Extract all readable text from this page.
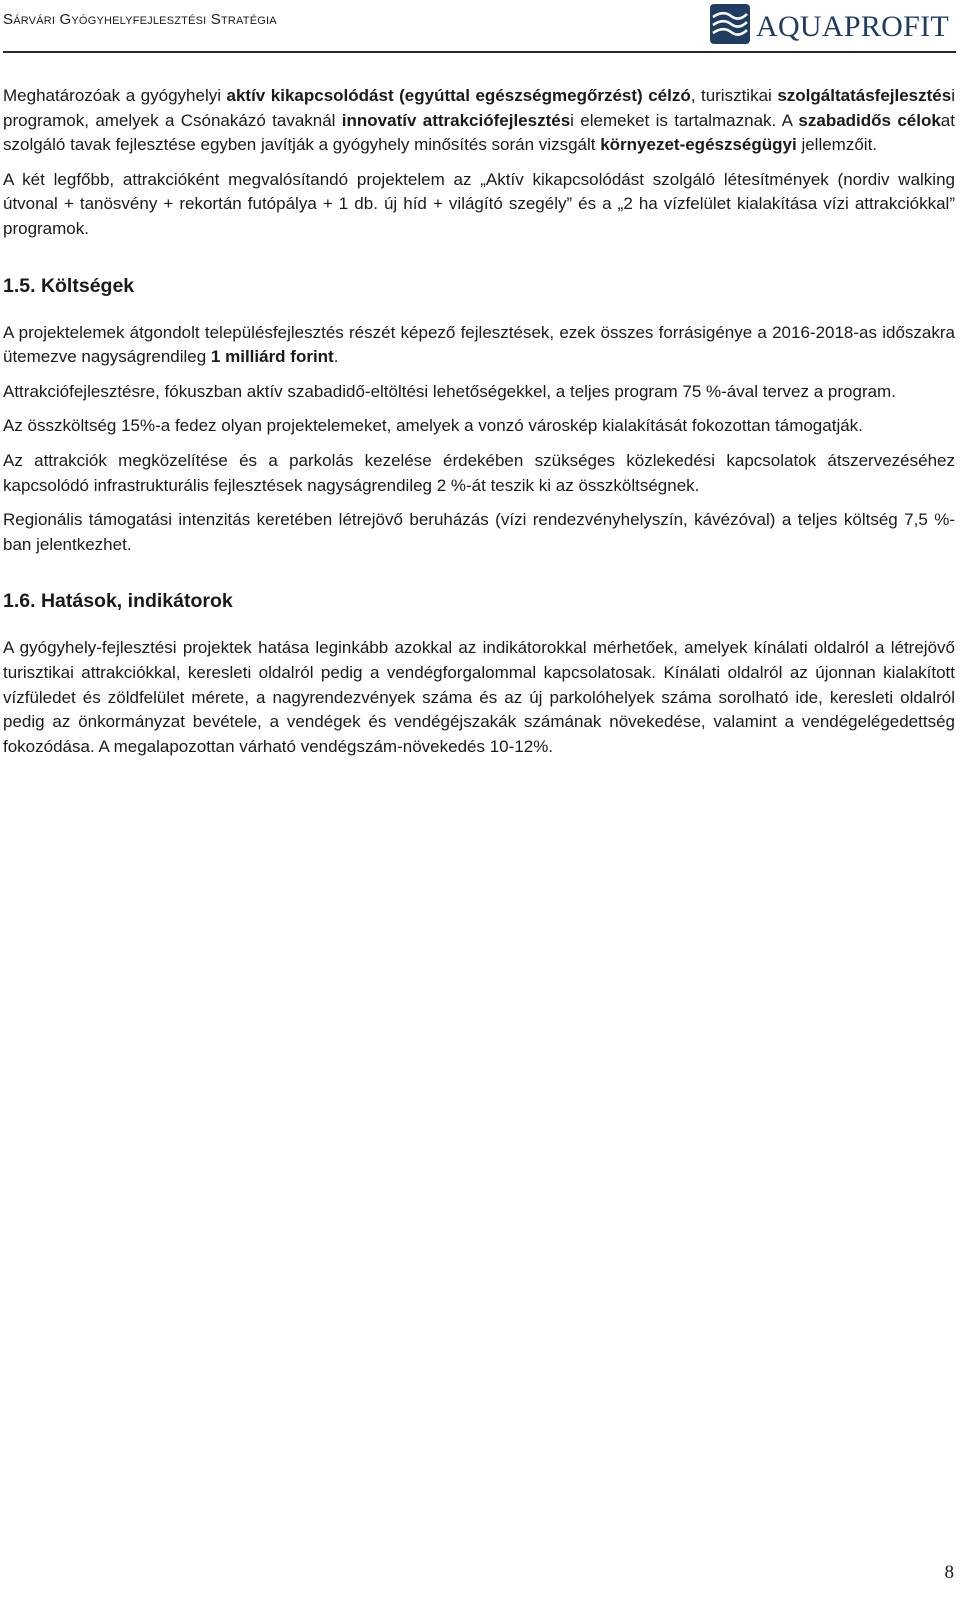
Sárvári Gyógyhelyfejlesztési Stratégia	AQUAPROFIT

Meghatározóak a gyógyhelyi aktív kikapcsolódást (egyúttal egészségmegőrzést) célzó, turisztikai szolgáltatásfejlesztési programok, amelyek a Csónakázó tavaknál innovatív attrakciófejlesztési elemeket is tartalmaznak. A szabadidős célokat szolgáló tavak fejlesztése egyben javítják a gyógyhely minősítés során vizsgált környezet-egészségügyi jellemzőit.

A két legfőbb, attrakcióként megvalósítandó projektelem az „Aktív kikapcsolódást szolgáló létesítmények (nordiv walking útvonal + tanösvény + rekortán futópálya + 1 db. új híd + világító szegély” és a „2 ha vízfelület kialakítása vízi attrakciókkal” programok.

1.5. Költségek

A projektelemek átgondolt településfejlesztés részét képező fejlesztések, ezek összes forrásigénye a 2016-2018-as időszakra ütemezve nagyságrendileg 1 milliárd forint.

Attrakciófejlesztésre, fókuszban aktív szabadidő-eltöltési lehetőségekkel, a teljes program 75 %-ával tervez a program.

Az összköltség 15%-a fedez olyan projektelemeket, amelyek a vonzó városkép kialakítását fokozottan támogatják.

Az attrakciók megközelítése és a parkolás kezelése érdekében szükséges közlekedési kapcsolatok átszervezéséhez kapcsolódó infrastrukturális fejlesztések nagyságrendileg 2 %-át teszik ki az összköltségnek.

Regionális támogatási intenzitás keretében létrejövő beruházás (vízi rendezvényhelyszín, kávézóval) a teljes költség 7,5 %-ban jelentkezhet.

1.6. Hatások, indikátorok

A gyógyhely-fejlesztési projektek hatása leginkább azokkal az indikátorokkal mérhetőek, amelyek kínálati oldalról a létrejövő turisztikai attrakciókkal, keresleti oldalról pedig a vendégforgalommal kapcsolatosak. Kínálati oldalról az újonnan kialakított vízfüledet és zöldfelület mérete, a nagyrendezvények száma és az új parkolóhelyek száma sorolható ide, keresleti oldalról pedig az önkormányzat bevétele, a vendégek és vendégéjszakák számának növekedése, valamint a vendégelégedettség fokozódása. A megalapozottan várható vendégszám-növekedés 10-12%.

8
